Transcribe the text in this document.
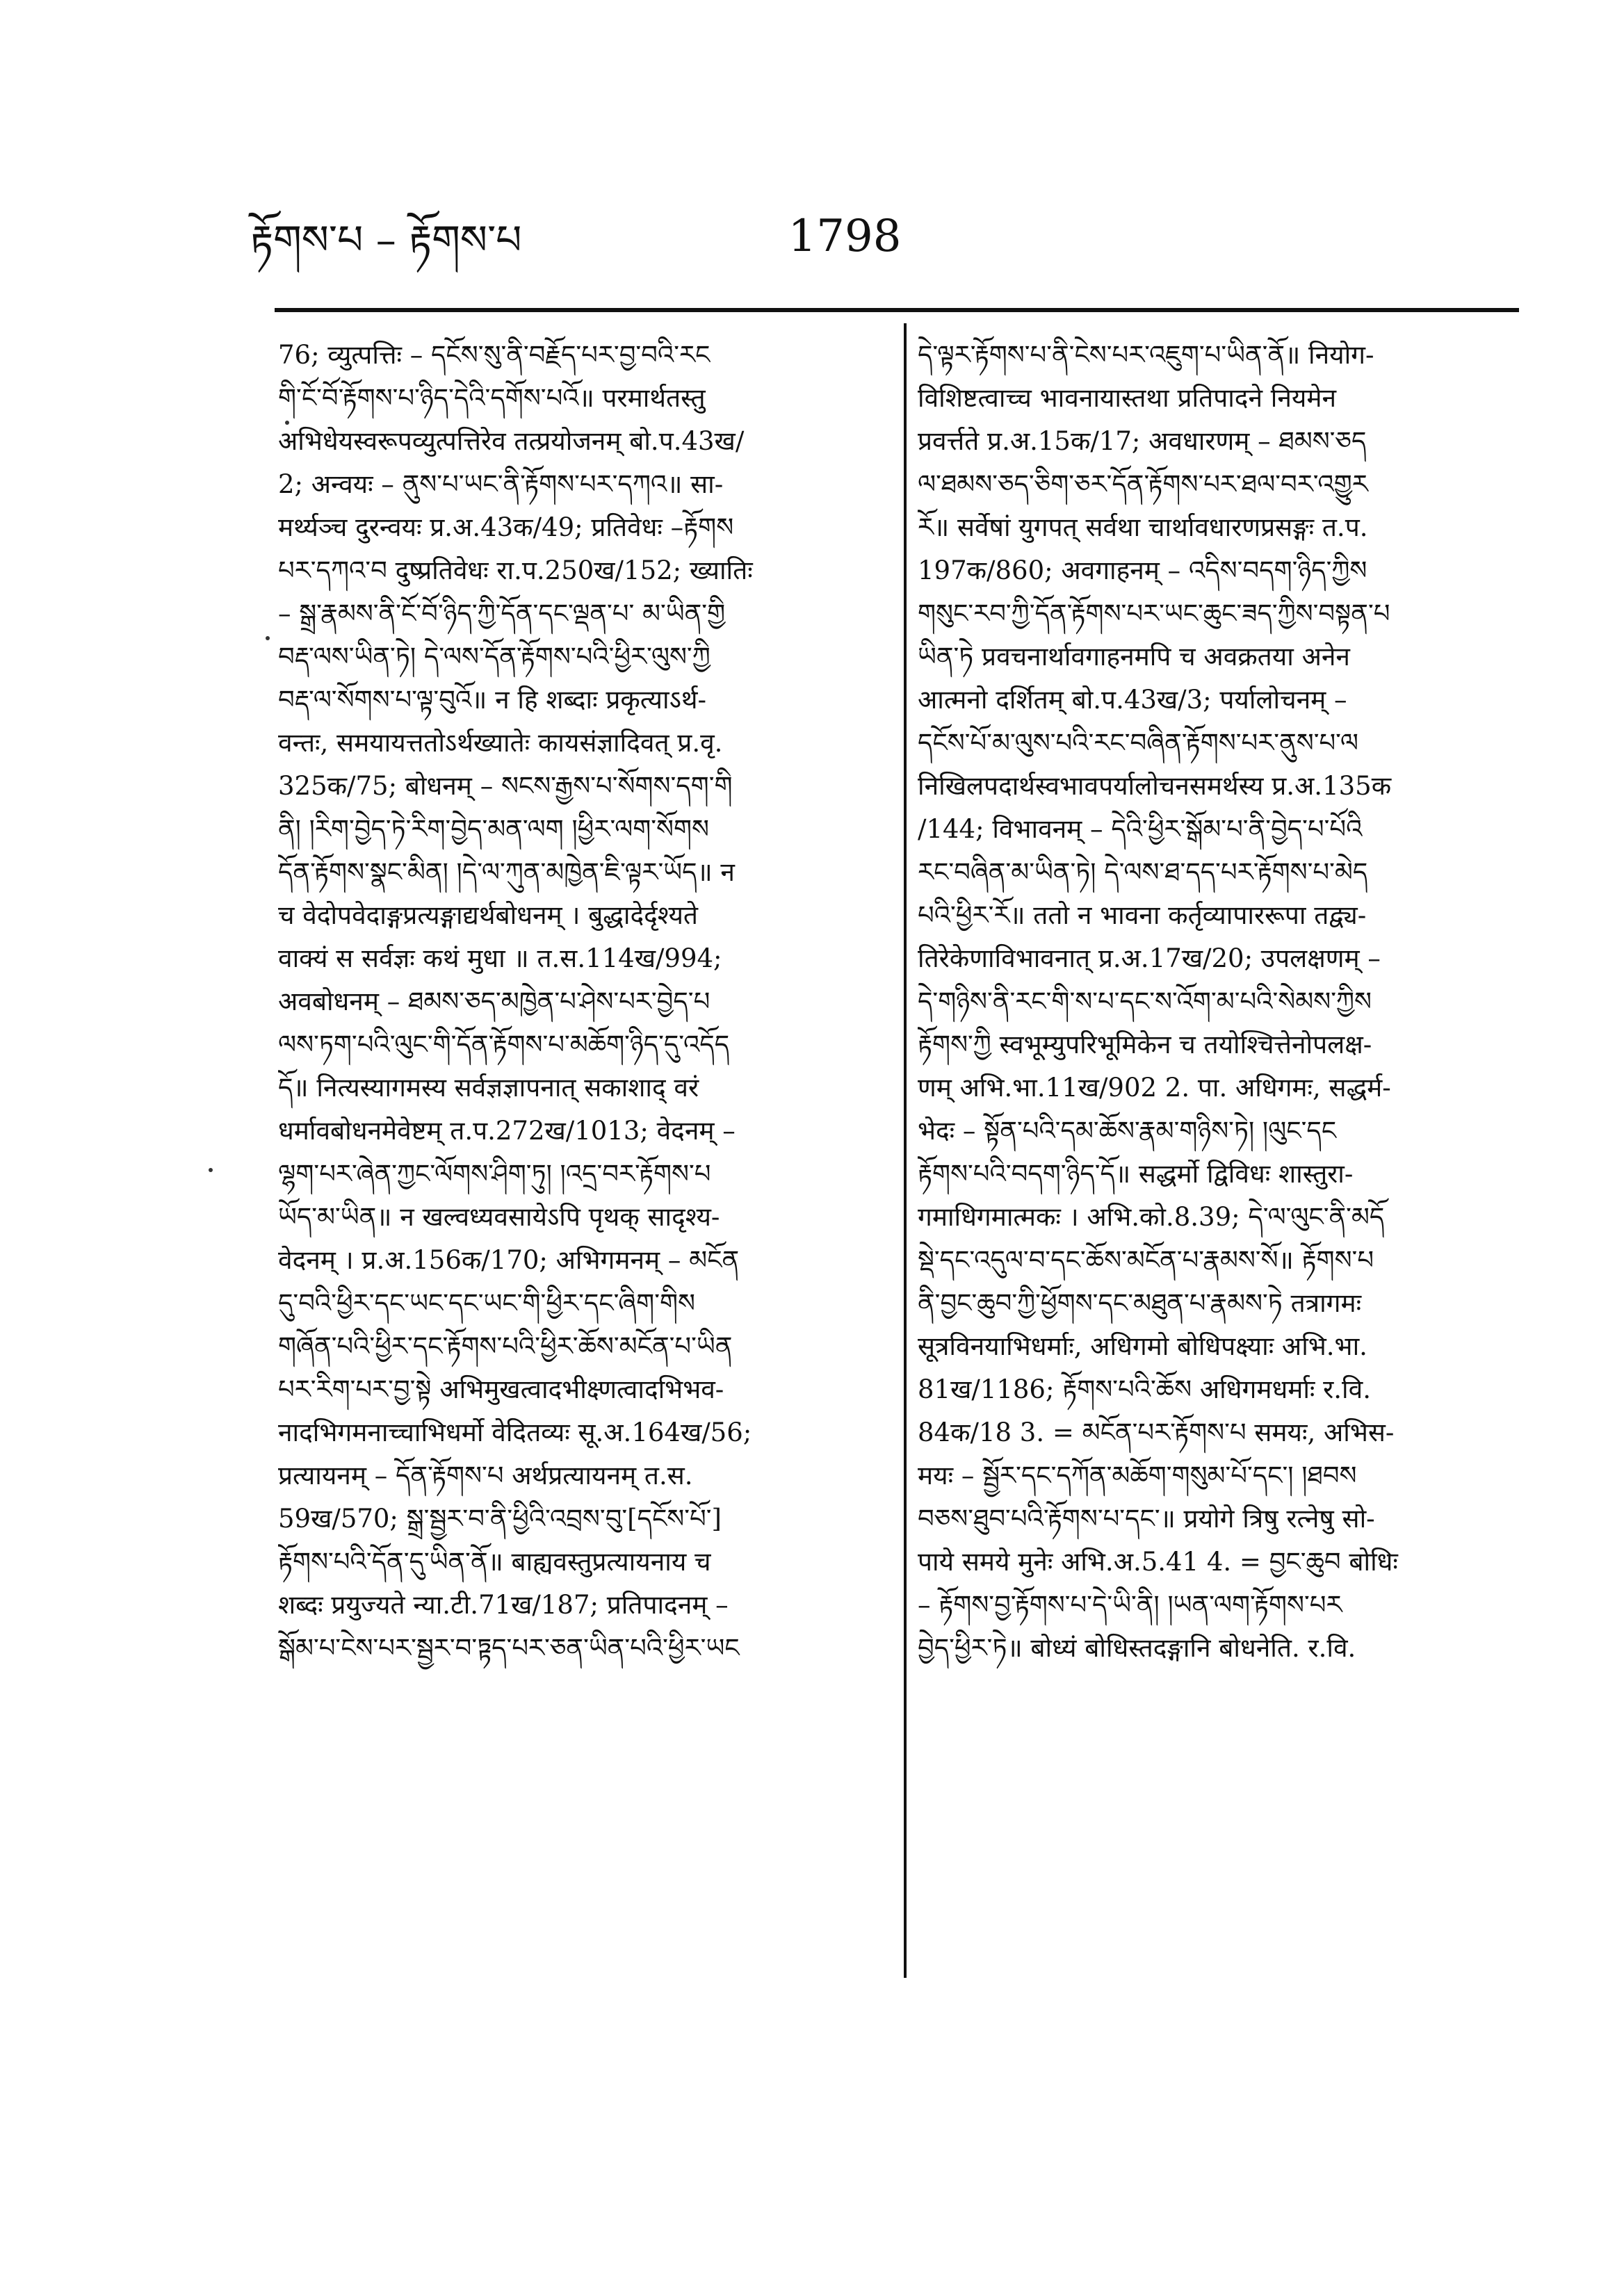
རྟོགས་པ – རྟོགས་པ	1798
76; व्युत्पत्तिः – དངོས་སུ་ནི་བརྗོད་པར་བྱ་བའི་རང
གི་ངོ་བོ་རྟོགས་པ་ཉིད་དེའི་དགོས་པའོ॥ परमार्थतस्तु
अभिधेयस्वरूपव्युत्पत्तिरेव तत्प्रयोजनम् बो.प.43ख/
2; अन्वयः – ནུས་པ་ཡང་ནི་རྟོགས་པར་དཀའ॥ सा-
मर्थ्यञ्च दुरन्वयः प्र.अ.43क/49; प्रतिवेधः –རྟོགས
པར་དཀའ་བ दुष्प्रतिवेधः रा.प.250ख/152; ख्यातिः
– སྒྲ་རྣམས་ནི་ངོ་བོ་ཉིད་ཀྱི་དོན་དང་ལྡན་པ་ མ་ཡིན་གྱི
བརྡ་ལས་ཡིན་ཏེ། དེ་ལས་དོན་རྟོགས་པའི་ཕྱིར་ལུས་ཀྱི
བརྡ་ལ་སོགས་པ་ལྟ་བུའོ॥ न हि शब्दाः प्रकृत्याऽर्थ-
वन्तः, समयायत्ततोऽर्थख्यातेः कायसंज्ञादिवत् प्र.वृ.
325क/75; बोधनम् – སངས་རྒྱས་པ་སོགས་དག་གི
ནི། །རིག་བྱེད་ཏེ་རིག་བྱེད་མན་ལག །ཕྱིར་ལག་སོགས
དོན་རྟོགས་སྣང་མིན། །དེ་ལ་ཀུན་མཁྱེན་ཇི་ལྟར་ཡོད॥ न
च वेदोपवेदाङ्गप्रत्यङ्गाद्यर्थबोधनम् । बुद्धादेर्दृश्यते
वाक्यं स सर्वज्ञः कथं मुधा ॥ त.स.114ख/994;
अवबोधनम् – ཐམས་ཅད་མཁྱེན་པ་ཤེས་པར་བྱེད་པ
ལས་ཏག་པའི་ལུང་གི་དོན་རྟོགས་པ་མཆོག་ཉིད་དུ་འདོད
དོ॥ नित्यस्यागमस्य सर्वज्ञज्ञापनात् सकाशाद् वरं
धर्मावबोधनमेवेष्टम् त.प.272ख/1013; वेदनम् –
ལྷག་པར་ཞེན་ཀྱང་ལོགས་ཤིག་ཏུ། །འདྲ་བར་རྟོགས་པ
ཡོད་མ་ཡིན॥ न खल्वध्यवसायेऽपि पृथक् सादृश्य-
वेदनम् । प्र.अ.156क/170; अभिगमनम् – མངོན
དུ་བའི་ཕྱིར་དང་ཡང་དང་ཡང་གི་ཕྱིར་དང་ཞིག་གིས
གཞོན་པའི་ཕྱིར་དང་རྟོགས་པའི་ཕྱིར་ཆོས་མངོན་པ་ཡིན
པར་རིག་པར་བྱ་སྟེ अभिमुखत्वादभीक्ष्णत्वादभिभव-
नादभिगमनाच्चाभिधर्मो वेदितव्यः सू.अ.164ख/56;
प्रत्यायनम् – དོན་རྟོགས་པ अर्थप्रत्यायनम् त.स.
59ख/570; སྒྲ་སྦྱར་བ་ནི་ཕྱིའི་འབྲས་བུ་[དངོས་པོ་]
རྟོགས་པའི་དོན་དུ་ཡིན་ནོ॥ बाह्यवस्तुप्रत्यायनाय च
शब्दः प्रयुज्यते न्या.टी.71ख/187; प्रतिपादनम् –
སྒོམ་པ་ངེས་པར་སྦྱར་བ་ཏྟད་པར་ཅན་ཡིན་པའི་ཕྱིར་ཡང
དེ་ལྟར་རྟོགས་པ་ནི་ངེས་པར་འཇུག་པ་ཡིན་ནོ॥ नियोग-
विशिष्टत्वाच्च भावनायास्तथा प्रतिपादने नियमेन
प्रवर्त्तते प्र.अ.15क/17; अवधारणम् – ཐམས་ཅད
ལ་ཐམས་ཅད་ཅིག་ཅར་དོན་རྟོགས་པར་ཐལ་བར་འགྱུར
རོ॥ सर्वेषां युगपत् सर्वथा चार्थावधारणप्रसङ्गः त.प.
197क/860; अवगाहनम् – འདིས་བདག་ཉིད་ཀྱིས
གསུང་རབ་ཀྱི་དོན་རྟོགས་པར་ཡང་ཆུང་ཟད་ཀྱིས་བསྟན་པ
ཡིན་ཏེ प्रवचनार्थावगाहनमपि च अवक्रतया अनेन
आत्मनो दर्शितम् बो.प.43ख/3; पर्यालोचनम् –
དངོས་པོ་མ་ལུས་པའི་རང་བཞིན་རྟོགས་པར་ནུས་པ་ལ
निखिलपदार्थस्वभावपर्यालोचनसमर्थस्य प्र.अ.135क
/144; विभावनम् – དེའི་ཕྱིར་སྒོམ་པ་ནི་བྱེད་པ་པོའི
རང་བཞིན་མ་ཡིན་ཏེ། དེ་ལས་ཐ་དད་པར་རྟོགས་པ་མེད
པའི་ཕྱིར་རོ॥ ततो न भावना कर्तृव्यापाररूपा तद्व्य-
तिरेकेणाविभावनात् प्र.अ.17ख/20; उपलक्षणम् –
དེ་གཉིས་ནི་རང་གི་ས་པ་དང་ས་འོག་མ་པའི་སེམས་ཀྱིས
རྟོགས་ཀྱི स्वभूम्युपरिभूमिकेन च तयोश्चित्तेनोपलक्ष-
णम् अभि.भा.11ख/902 2. पा. अधिगमः, सद्धर्म-
भेदः – སྟོན་པའི་དམ་ཆོས་རྣམ་གཉིས་ཏེ། །ལུང་དང
རྟོགས་པའི་བདག་ཉིད་དོ॥ सद्धर्मो द्विविधः शास्तुरा-
गमाधिगमात्मकः । अभि.को.8.39; དེ་ལ་ལུང་ནི་མདོ
སྡེ་དང་འདུལ་བ་དང་ཆོས་མངོན་པ་རྣམས་སོ॥ རྟོགས་པ
ནི་བྱང་ཆུབ་ཀྱི་ཕྱོགས་དང་མཐུན་པ་རྣམས་ཏེ तत्रागमः
सूत्रविनयाभिधर्माः, अधिगमो बोधिपक्ष्याः अभि.भा.
81ख/1186; རྟོགས་པའི་ཆོས अधिगमधर्माः र.वि.
84क/18 3. = མངོན་པར་རྟོགས་པ समयः, अभिस-
मयः – སྦྱོར་དང་དཀོན་མཆོག་གསུམ་པོ་དང་། །ཐབས
བཅས་ཐུབ་པའི་རྟོགས་པ་དང་॥ प्रयोगे त्रिषु रत्नेषु सो-
पाये समये मुनेः अभि.अ.5.41 4. = བྱང་ཆུབ बोधिः
– རྟོགས་བྱ་རྟོགས་པ་དེ་ཡི་ནི། །ཡན་ལག་རྟོགས་པར
བྱེད་ཕྱིར་ཏེ॥ बोध्यं बोधिस्तदङ्गानि बोधनेति. र.वि.
